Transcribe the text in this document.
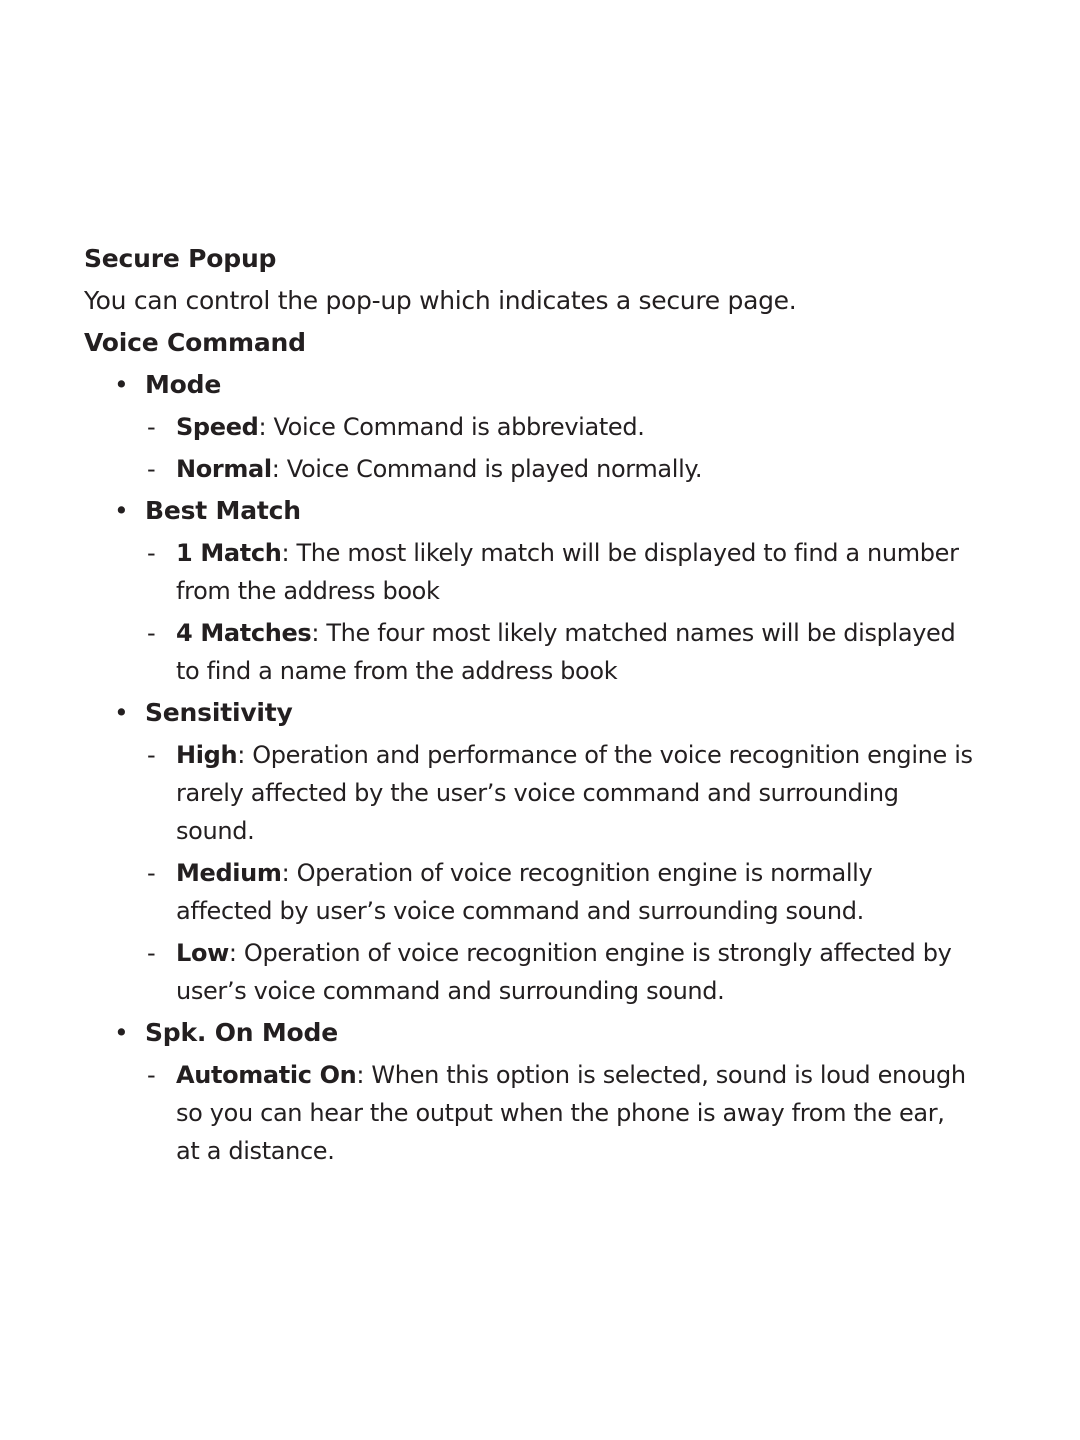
Secure Popup
You can control the pop-up which indicates a secure page.
Voice Command
• Mode
- Speed: Voice Command is abbreviated.
- Normal: Voice Command is played normally.
• Best Match
- 1 Match: The most likely match will be displayed to find a number from the address book
- 4 Matches: The four most likely matched names will be displayed to find a name from the address book
• Sensitivity
- High: Operation and performance of the voice recognition engine is rarely affected by the user’s voice command and surrounding sound.
- Medium: Operation of voice recognition engine is normally affected by user’s voice command and surrounding sound.
- Low: Operation of voice recognition engine is strongly affected by user’s voice command and surrounding sound.
• Spk. On Mode
- Automatic On: When this option is selected, sound is loud enough so you can hear the output when the phone is away from the ear, at a distance.
